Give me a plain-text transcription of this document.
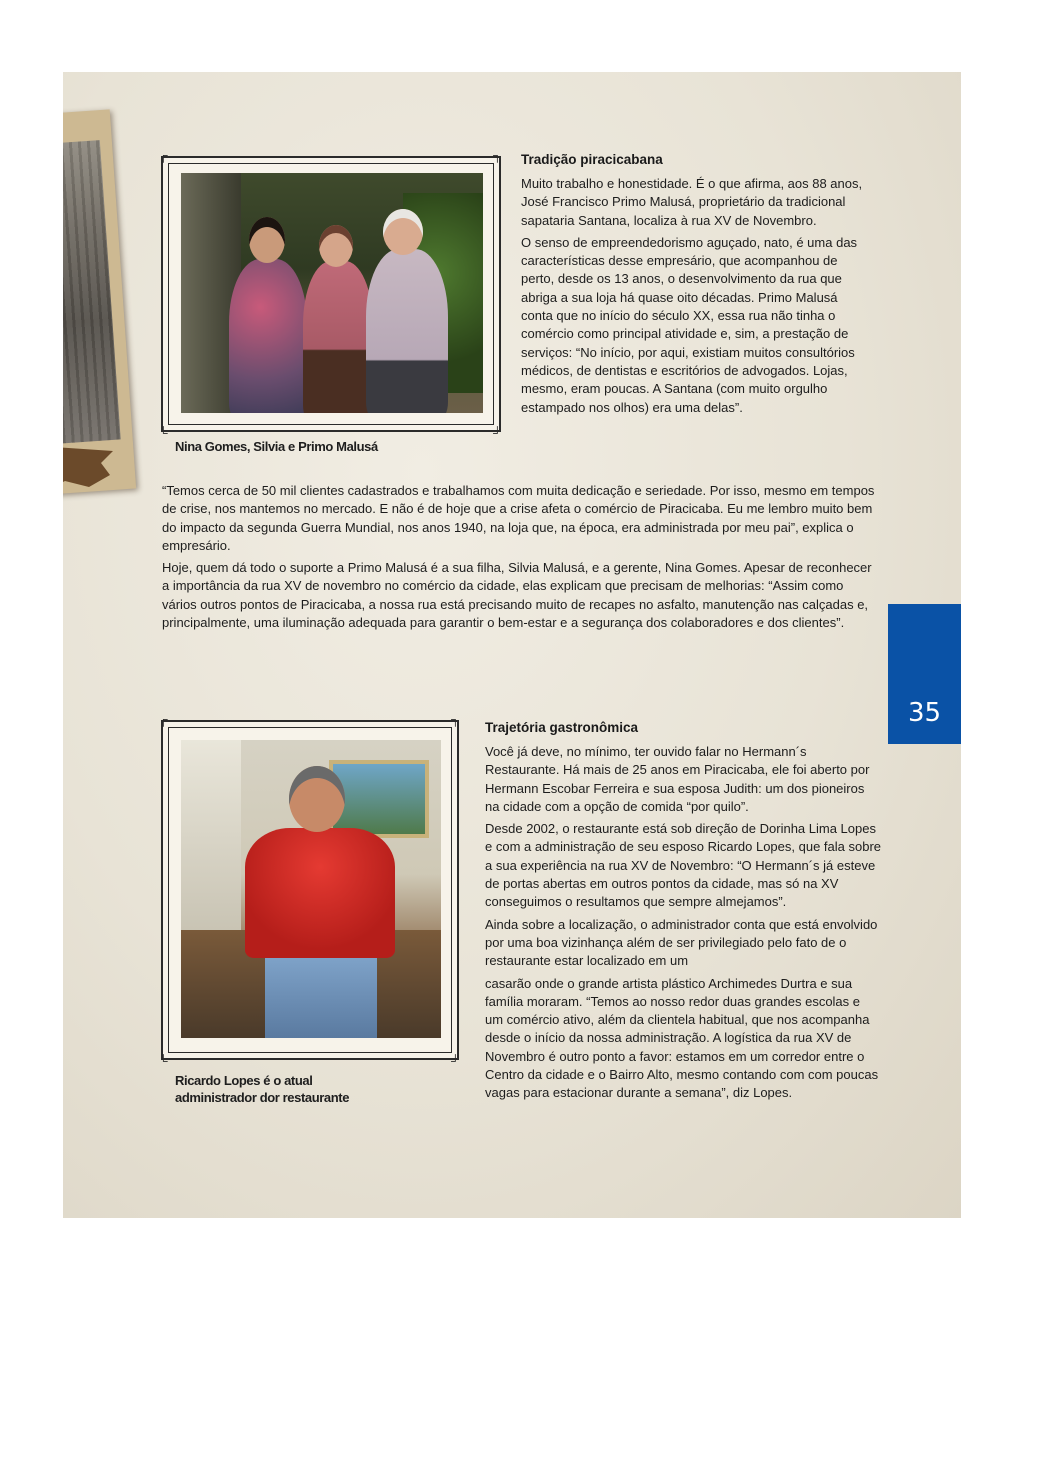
┌	┐
└	┘
Nina Gomes, Silvia e Primo Malusá
Tradição piracicabana

Muito trabalho e honestidade. É o que afirma, aos 88 anos, José Francisco Primo Malusá, proprietário da tradicional sapataria Santana, localiza à rua XV de Novembro.

O senso de empreendedorismo aguçado, nato, é uma das características desse empresário, que acompanhou de perto, desde os 13 anos, o desenvolvimento da rua que abriga a sua loja há quase oito décadas. Primo Malusá conta que no início do século XX, essa rua não tinha o comércio como principal atividade e, sim, a prestação de serviços: “No início, por aqui, existiam muitos consultórios médicos, de dentistas e escritórios de advogados. Lojas, mesmo, eram poucas. A Santana (com muito orgulho estampado nos olhos) era uma delas”.

“Temos cerca de 50 mil clientes cadastrados e trabalhamos com muita dedicação e seriedade. Por isso, mesmo em tempos de crise, nos mantemos no mercado. E não é de hoje que a crise afeta o comércio de Piracicaba. Eu me lembro muito bem do impacto da segunda Guerra Mundial, nos anos 1940, na loja que, na época, era administrada por meu pai”, explica o empresário.

Hoje, quem dá todo o suporte a Primo Malusá é a sua filha, Silvia Malusá, e a gerente, Nina Gomes. Apesar de reconhecer a importância da rua XV de novembro no comércio da cidade, elas explicam que precisam de melhorias: “Assim como vários outros pontos de Piracicaba, a nossa rua está precisando muito de recapes no asfalto, manutenção nas calçadas e, principalmente, uma iluminação adequada para garantir o bem-estar e a segurança dos colaboradores e dos clientes”.

┌	┐
└	┘
Ricardo Lopes é o atual administrador dor restaurante
Trajetória gastronômica

Você já deve, no mínimo, ter ouvido falar no Hermann´s Restaurante. Há mais de 25 anos em Piracicaba, ele foi aberto por Hermann Escobar Ferreira e sua esposa Judith: um dos pioneiros na cidade com a opção de comida “por quilo”.

Desde 2002, o restaurante está sob direção de Dorinha Lima Lopes e com a administração de seu esposo Ricardo Lopes, que fala sobre a sua experiência na rua XV de Novembro: “O Hermann´s já esteve de portas abertas em outros pontos da cidade, mas só na XV conseguimos o resultamos que sempre almejamos”.

Ainda sobre a localização, o administrador conta que está envolvido por uma boa vizinhança além de ser privilegiado pelo fato de o restaurante estar localizado em um

casarão onde o grande artista plástico Archimedes Durtra e sua família moraram. “Temos ao nosso redor duas grandes escolas e um comércio ativo, além da clientela habitual, que nos acompanha desde o início da nossa administração. A logística da rua XV de Novembro é outro ponto a favor: estamos em um corredor entre o Centro da cidade e o Bairro Alto, mesmo contando com com poucas vagas para estacionar durante a semana”, diz Lopes.

35
